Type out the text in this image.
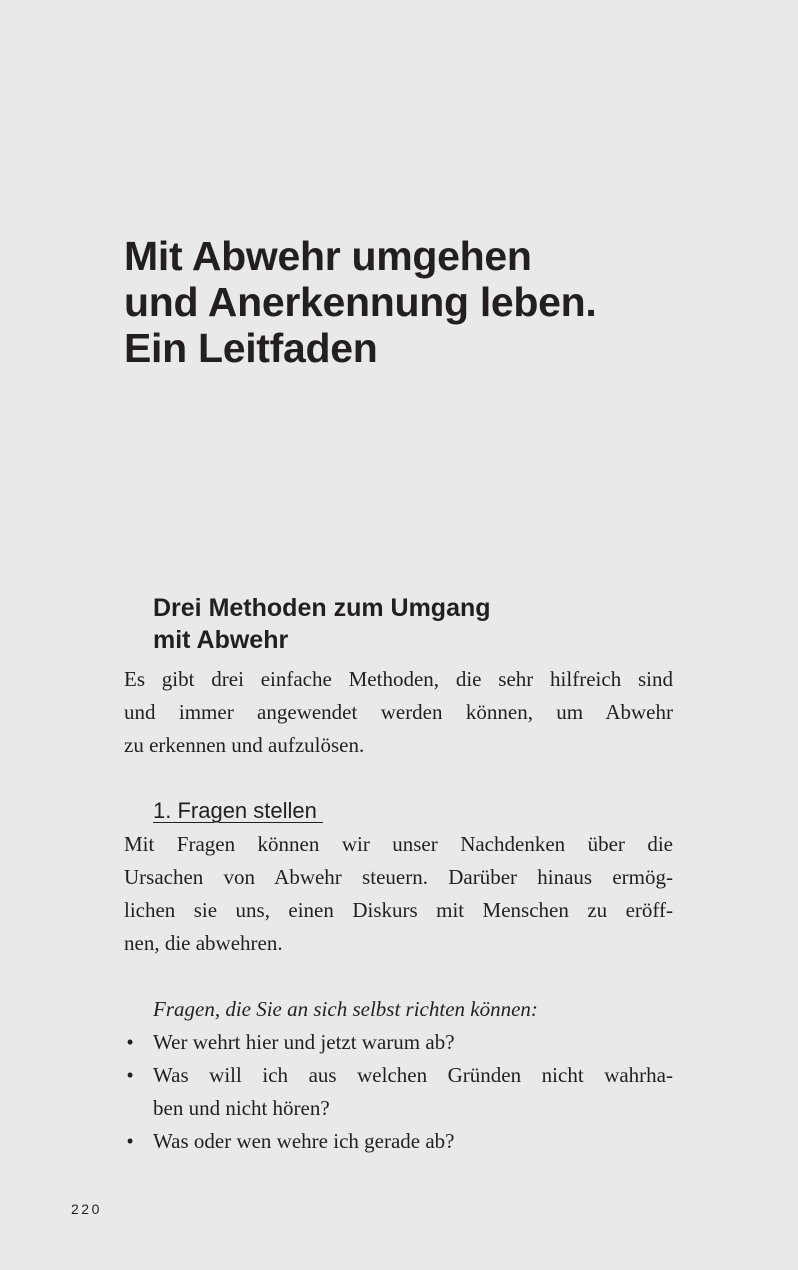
Mit Abwehr umgehen
und Anerkennung leben.
Ein Leitfaden
Drei Methoden zum Umgang
mit Abwehr
Es gibt drei einfache Methoden, die sehr hilfreich sind
und immer angewendet werden können, um Abwehr
zu erkennen und aufzulösen.
1. Fragen stellen
Mit Fragen können wir unser Nachdenken über die
Ursachen von Abwehr steuern. Darüber hinaus ermög-
lichen sie uns, einen Diskurs mit Menschen zu eröff-
nen, die abwehren.

Fragen, die Sie an sich selbst richten können:

• Wer wehrt hier und jetzt warum ab?
• Was will ich aus welchen Gründen nicht wahrha-
ben und nicht hören?
• Was oder wen wehre ich gerade ab?
220
